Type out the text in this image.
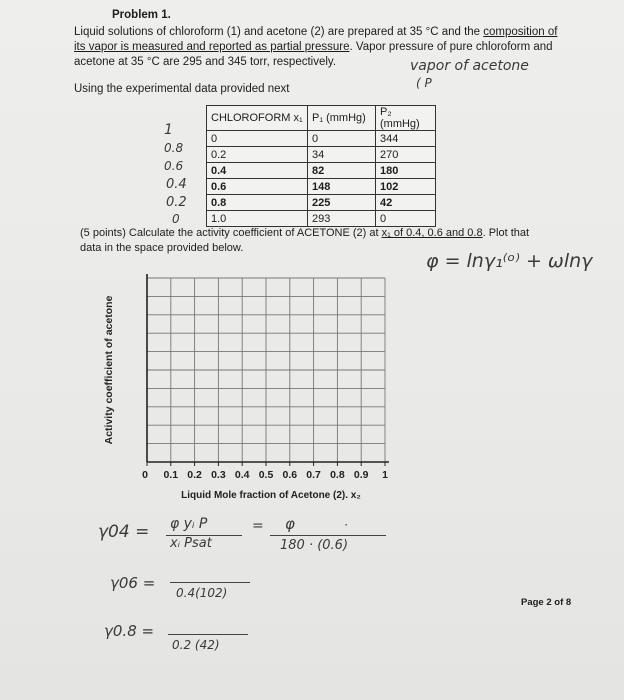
Problem 1.
Liquid solutions of chloroform (1) and acetone (2) are prepared at 35 °C and the composition of
its vapor is measured and reported as partial pressure. Vapor pressure of pure chloroform and
acetone at 35 °C are 295 and 345 torr, respectively.
Using the experimental data provided next
vapor of acetone
( P
1
0.8
0.6
0.4
0.2
0
CHLOROFORM x₁	P₁ (mmHg)	P₂ (mmHg)
0	0	344
0.2	34	270
0.4	82	180
0.6	148	102
0.8	225	42
1.0	293	0
(5 points) Calculate the activity coefficient of ACETONE (2) at x₁ of 0.4, 0.6 and 0.8. Plot that
data in the space provided below.
φ = lnγ₁⁽ᵒ⁾ + ωlnγ
0 0.1 0.2 0.3 0.4 0.5 0.6 0.7 0.8 0.9 1
Activity coefficient of acetone
Liquid Mole fraction of Acetone (2). x₂
γ04 = φ yᵢ P
xᵢ Psat
= φ	·
180 · (0.6)
γ06 =
0.4(102)
γ0.8 =
0.2 (42)
Page 2 of 8
